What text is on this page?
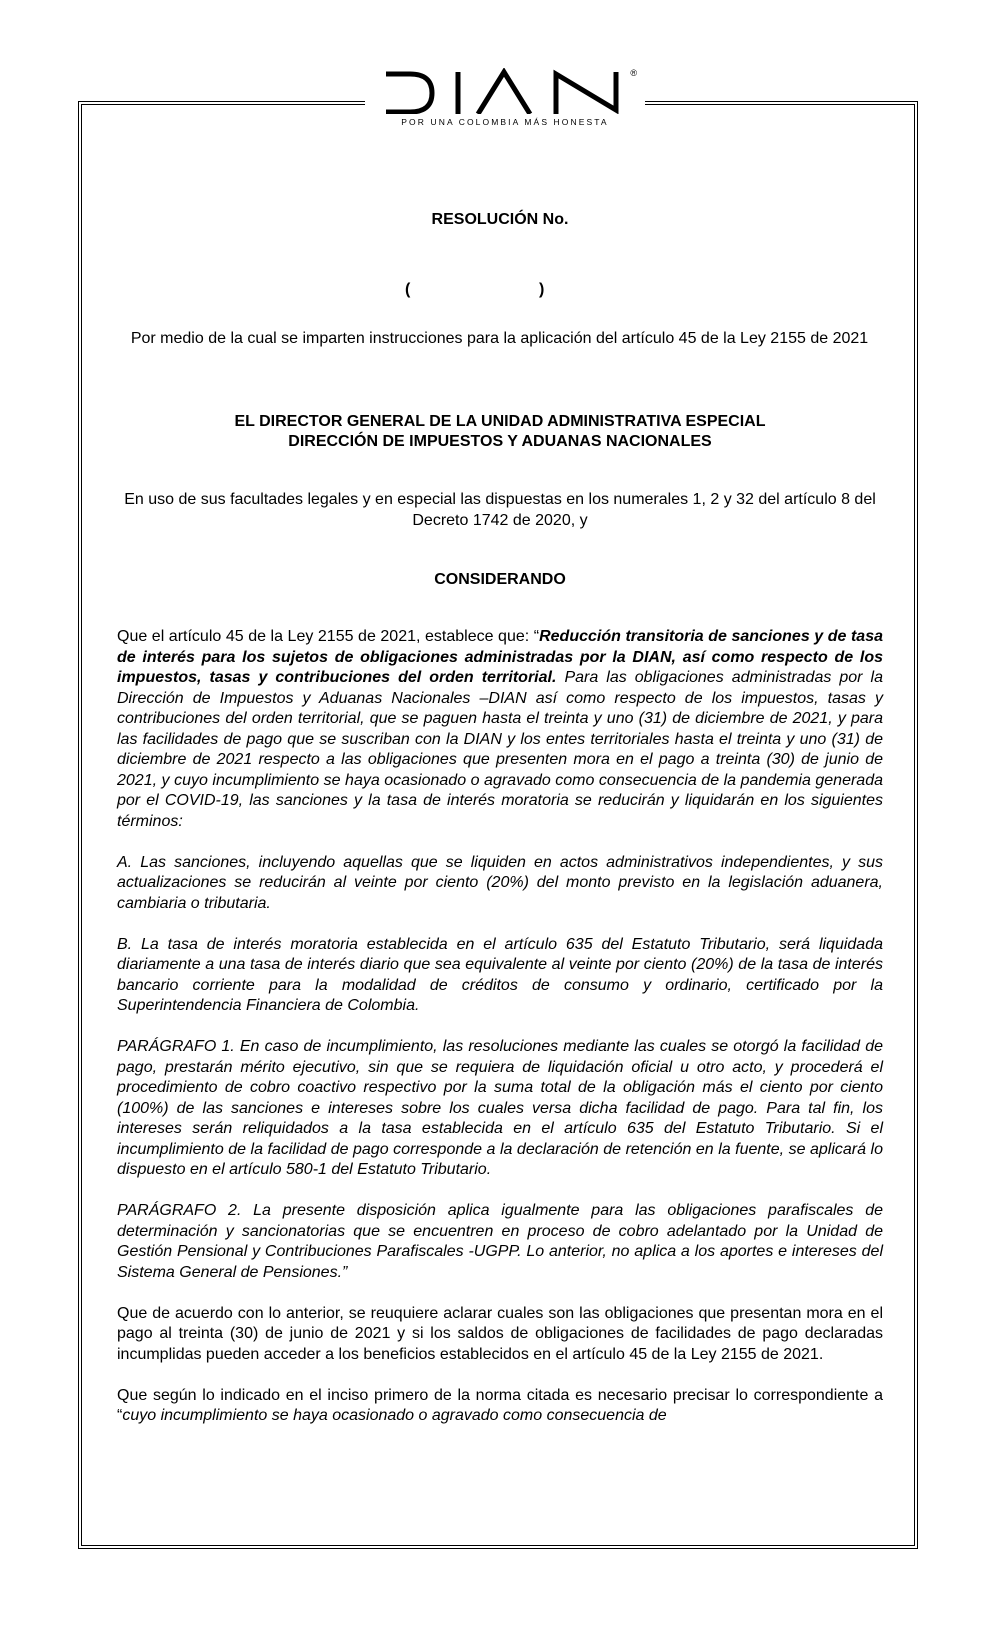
®
POR UNA COLOMBIA MÁS HONESTA
RESOLUCIÓN No.
(	)
Por medio de la cual se imparten instrucciones para la aplicación del artículo 45 de la Ley 2155 de 2021
EL DIRECTOR GENERAL DE LA UNIDAD ADMINISTRATIVA ESPECIAL
DIRECCIÓN DE IMPUESTOS Y ADUANAS NACIONALES
En uso de sus facultades legales y en especial las dispuestas en los numerales 1, 2 y 32 del artículo 8 del Decreto 1742 de 2020, y
CONSIDERANDO

Que el artículo 45 de la Ley 2155 de 2021, establece que: “Reducción transitoria de sanciones y de tasa de interés para los sujetos de obligaciones administradas por la DIAN, así como respecto de los impuestos, tasas y contribuciones del orden territorial. Para las obligaciones administradas por la Dirección de Impuestos y Aduanas Nacionales –DIAN así como respecto de los impuestos, tasas y contribuciones del orden territorial, que se paguen hasta el treinta y uno (31) de diciembre de 2021, y para las facilidades de pago que se suscriban con la DIAN y los entes territoriales hasta el treinta y uno (31) de diciembre de 2021 respecto a las obligaciones que presenten mora en el pago a treinta (30) de junio de 2021, y cuyo incumplimiento se haya ocasionado o agravado como consecuencia de la pandemia generada por el COVID-19, las sanciones y la tasa de interés moratoria se reducirán y liquidarán en los siguientes términos:

A. Las sanciones, incluyendo aquellas que se liquiden en actos administrativos independientes, y sus actualizaciones se reducirán al veinte por ciento (20%) del monto previsto en la legislación aduanera, cambiaria o tributaria.

B. La tasa de interés moratoria establecida en el artículo 635 del Estatuto Tributario, será liquidada diariamente a una tasa de interés diario que sea equivalente al veinte por ciento (20%) de la tasa de interés bancario corriente para la modalidad de créditos de consumo y ordinario, certificado por la Superintendencia Financiera de Colombia.

PARÁGRAFO 1. En caso de incumplimiento, las resoluciones mediante las cuales se otorgó la facilidad de pago, prestarán mérito ejecutivo, sin que se requiera de liquidación oficial u otro acto, y procederá el procedimiento de cobro coactivo respectivo por la suma total de la obligación más el ciento por ciento (100%) de las sanciones e intereses sobre los cuales versa dicha facilidad de pago. Para tal fin, los intereses serán reliquidados a la tasa establecida en el artículo 635 del Estatuto Tributario. Si el incumplimiento de la facilidad de pago corresponde a la declaración de retención en la fuente, se aplicará lo dispuesto en el artículo 580-1 del Estatuto Tributario.

PARÁGRAFO 2. La presente disposición aplica igualmente para las obligaciones parafiscales de determinación y sancionatorias que se encuentren en proceso de cobro adelantado por la Unidad de Gestión Pensional y Contribuciones Parafiscales -UGPP. Lo anterior, no aplica a los aportes e intereses del Sistema General de Pensiones.”

Que de acuerdo con lo anterior, se reuquiere aclarar cuales son las obligaciones que presentan mora en el pago al treinta (30) de junio de 2021 y si los saldos de obligaciones de facilidades de pago declaradas incumplidas pueden acceder a los beneficios establecidos en el artículo 45 de la Ley 2155 de 2021.

Que según lo indicado en el inciso primero de la norma citada es necesario precisar lo correspondiente a “cuyo incumplimiento se haya ocasionado o agravado como consecuencia de
